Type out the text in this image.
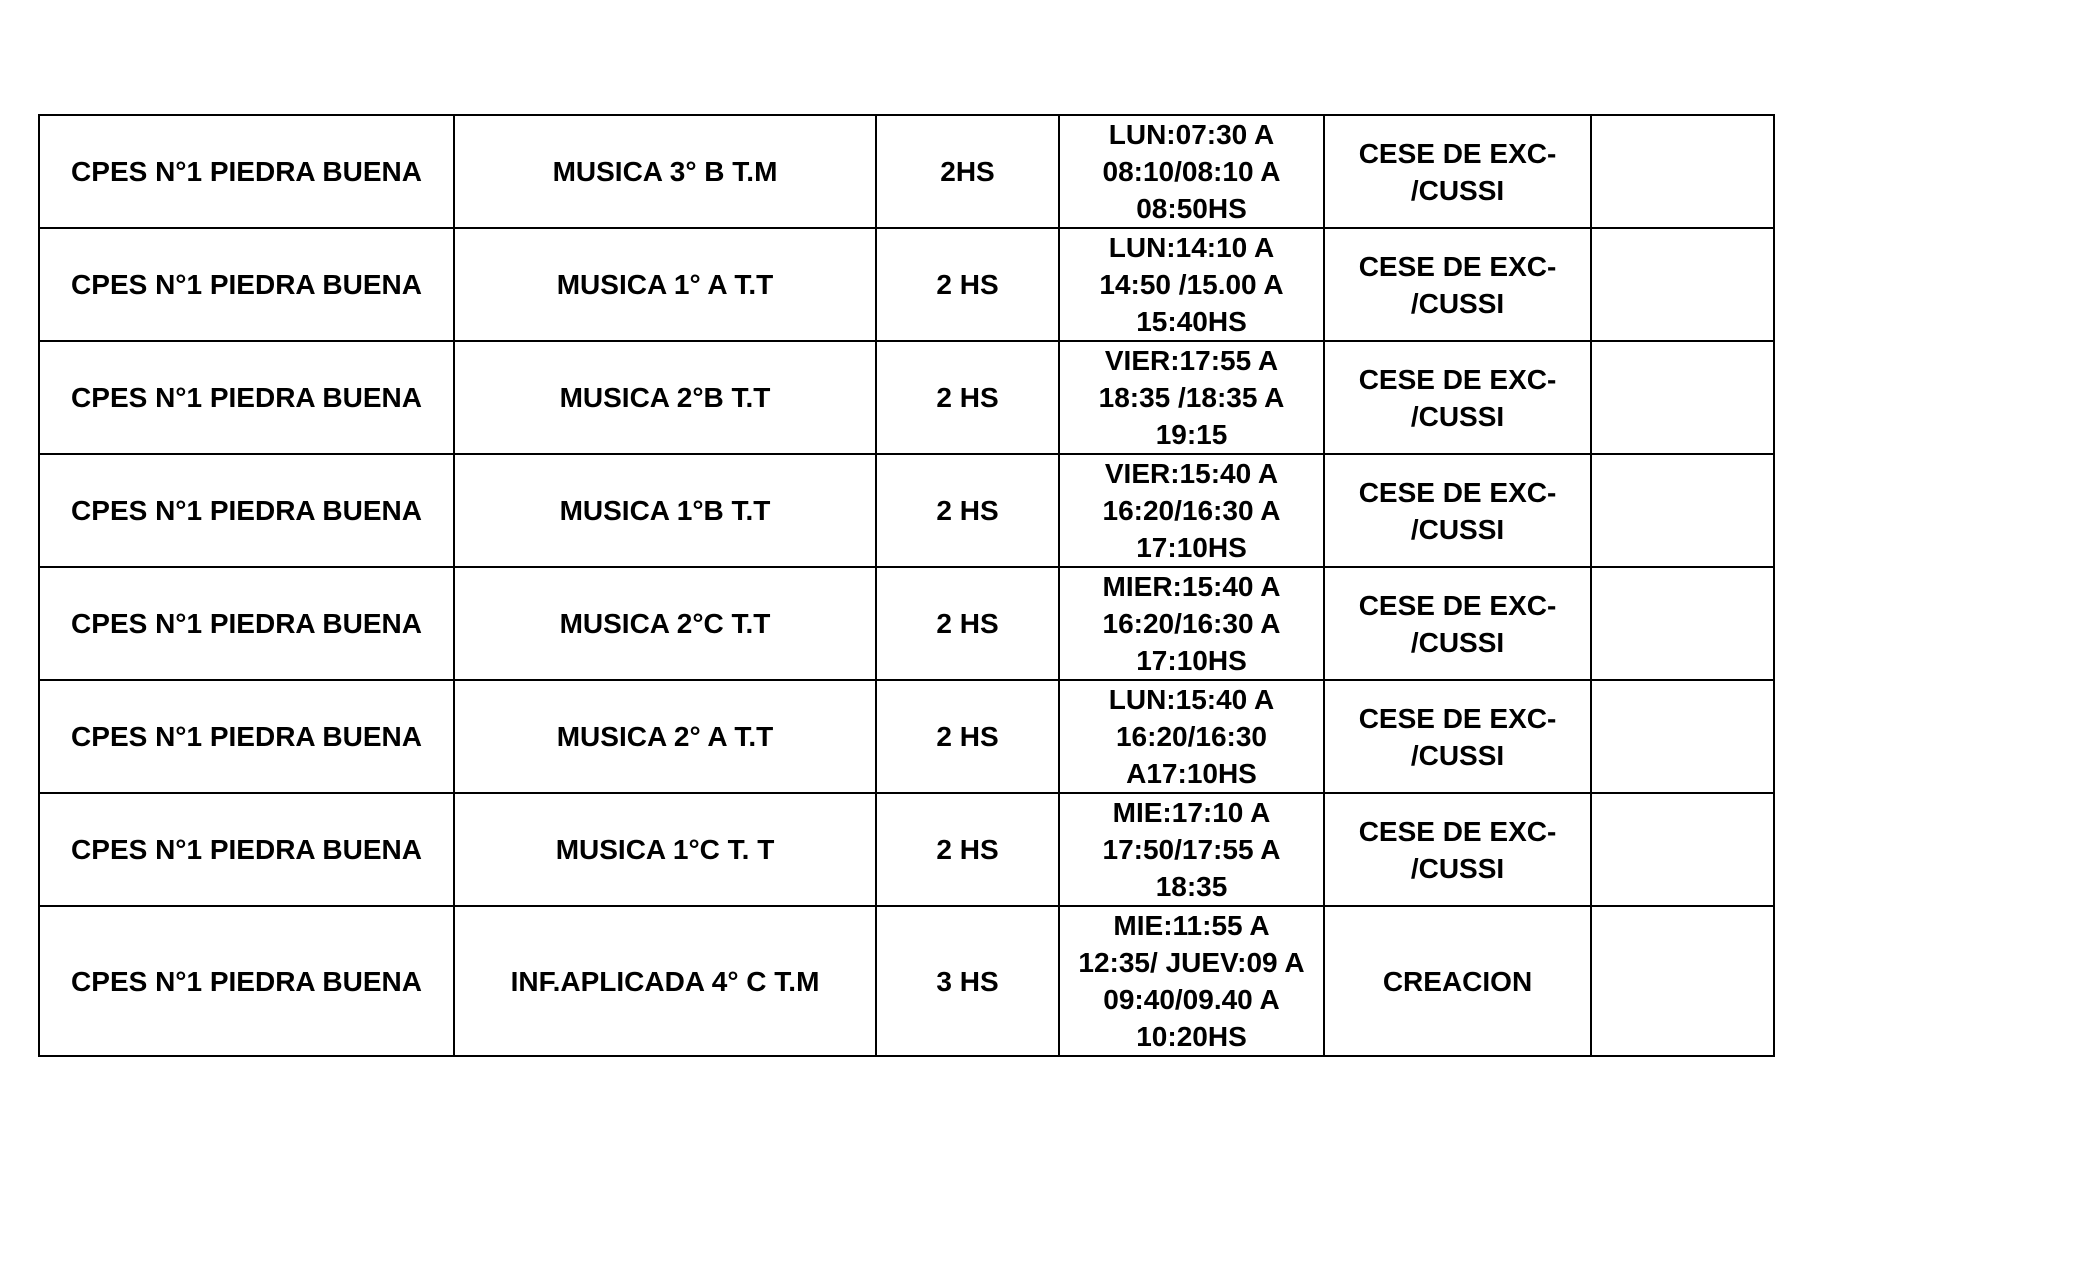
CPES N°1 PIEDRA BUENA	MUSICA 3° B T.M	2HS	LUN:07:30 A
08:10/08:10 A
08:50HS	CESE DE EXC-
/CUSSI	
CPES N°1 PIEDRA BUENA	MUSICA 1° A T.T	2 HS	LUN:14:10 A
14:50 /15.00 A
15:40HS	CESE DE EXC-
/CUSSI	
CPES N°1 PIEDRA BUENA	MUSICA 2°B T.T	2 HS	VIER:17:55 A
18:35 /18:35 A
19:15	CESE DE EXC-
/CUSSI	
CPES N°1 PIEDRA BUENA	MUSICA 1°B T.T	2 HS	VIER:15:40 A
16:20/16:30 A
17:10HS	CESE DE EXC-
/CUSSI	
CPES N°1 PIEDRA BUENA	MUSICA 2°C T.T	2 HS	MIER:15:40 A
16:20/16:30 A
17:10HS	CESE DE EXC-
/CUSSI	
CPES N°1 PIEDRA BUENA	MUSICA 2° A T.T	2 HS	LUN:15:40 A
16:20/16:30
A17:10HS	CESE DE EXC-
/CUSSI	
CPES N°1 PIEDRA BUENA	MUSICA 1°C T. T	2 HS	MIE:17:10 A
17:50/17:55 A
18:35	CESE DE EXC-
/CUSSI	
CPES N°1 PIEDRA BUENA	INF.APLICADA 4° C T.M	3 HS	MIE:11:55 A
12:35/ JUEV:09 A
09:40/09.40 A
10:20HS	CREACION	
